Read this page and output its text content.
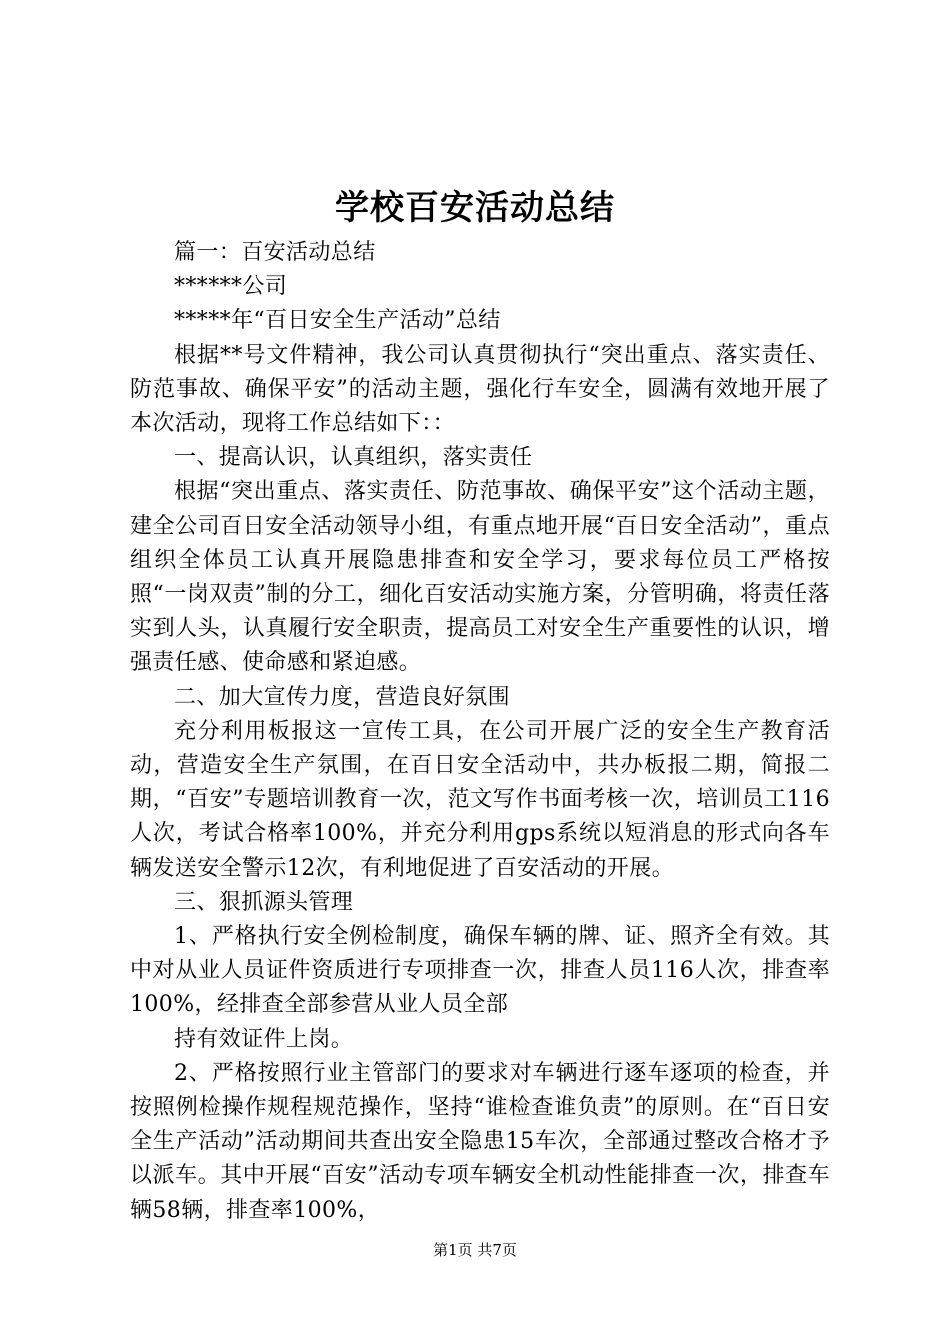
学校百安活动总结

篇一：百安活动总结

******公司

*****年“百日安全生产活动”总结

根据**号文件精神，我公司认真贯彻执行“突出重点、落实责任、防范事故、确保平安”的活动主题，强化行车安全，圆满有效地开展了本次活动，现将工作总结如下：：

一、提高认识，认真组织，落实责任

根据“突出重点、落实责任、防范事故、确保平安”这个活动主题，建全公司百日安全活动领导小组，有重点地开展“百日安全活动”，重点组织全体员工认真开展隐患排查和安全学习，要求每位员工严格按照“一岗双责”制的分工，细化百安活动实施方案，分管明确，将责任落实到人头，认真履行安全职责，提高员工对安全生产重要性的认识，增强责任感、使命感和紧迫感。

二、加大宣传力度，营造良好氛围

充分利用板报这一宣传工具，在公司开展广泛的安全生产教育活动，营造安全生产氛围，在百日安全活动中，共办板报二期，简报二期，“百安”专题培训教育一次，范文写作书面考核一次，培训员工116人次，考试合格率100%，并充分利用gps系统以短消息的形式向各车辆发送安全警示12次，有利地促进了百安活动的开展。

三、狠抓源头管理

1、严格执行安全例检制度，确保车辆的牌、证、照齐全有效。其中对从业人员证件资质进行专项排查一次，排查人员116人次，排查率100%，经排查全部参营从业人员全部

持有效证件上岗。

2、严格按照行业主管部门的要求对车辆进行逐车逐项的检查，并按照例检操作规程规范操作，坚持“谁检查谁负责”的原则。在“百日安全生产活动”活动期间共查出安全隐患15车次，全部通过整改合格才予以派车。其中开展“百安”活动专项车辆安全机动性能排查一次，排查车辆58辆，排查率100%，

第1页 共7页
